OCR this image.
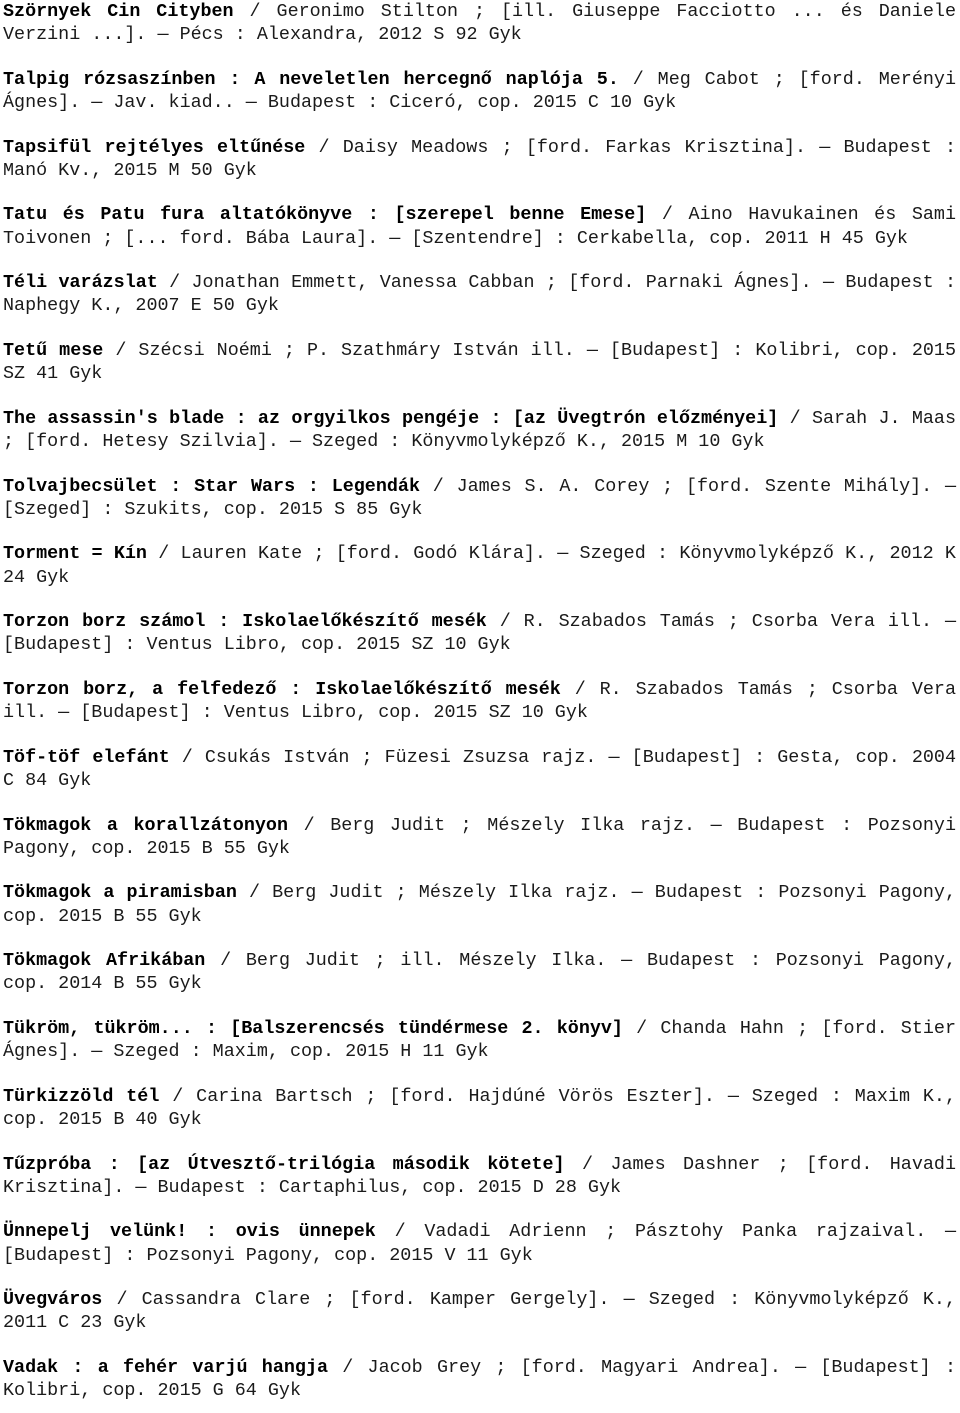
Szörnyek Cin Cityben / Geronimo Stilton ; [ill. Giuseppe Facciotto ... és Daniele Verzini ...]. — Pécs : Alexandra, 2012 S 92 Gyk
Talpig rózsaszínben : A neveletlen hercegnő naplója 5. / Meg Cabot ; [ford. Merényi Ágnes]. — Jav. kiad.. — Budapest : Ciceró, cop. 2015 C 10 Gyk
Tapsifül rejtélyes eltűnése / Daisy Meadows ; [ford. Farkas Krisztina]. — Budapest : Manó Kv., 2015 M 50 Gyk
Tatu és Patu fura altatókönyve : [szerepel benne Emese] / Aino Havukainen és Sami Toivonen ; [... ford. Bába Laura]. — [Szentendre] : Cerkabella, cop. 2011 H 45 Gyk
Téli varázslat / Jonathan Emmett, Vanessa Cabban ; [ford. Parnaki Ágnes]. — Budapest : Naphegy K., 2007 E 50 Gyk
Tetű mese / Szécsi Noémi ; P. Szathmáry István ill. — [Budapest] : Kolibri, cop. 2015 SZ 41 Gyk
The assassin's blade : az orgyilkos pengéje : [az Üvegtrón előzményei] / Sarah J. Maas ; [ford. Hetesy Szilvia]. — Szeged : Könyvmolyképző K., 2015 M 10 Gyk
Tolvajbecsület : Star Wars : Legendák / James S. A. Corey ; [ford. Szente Mihály]. — [Szeged] : Szukits, cop. 2015 S 85 Gyk
Torment = Kín / Lauren Kate ; [ford. Godó Klára]. — Szeged : Könyvmolyképző K., 2012 K 24 Gyk
Torzon borz számol : Iskolaelőkészítő mesék / R. Szabados Tamás ; Csorba Vera ill. — [Budapest] : Ventus Libro, cop. 2015 SZ 10 Gyk
Torzon borz, a felfedező : Iskolaelőkészítő mesék / R. Szabados Tamás ; Csorba Vera ill. — [Budapest] : Ventus Libro, cop. 2015 SZ 10 Gyk
Töf-töf elefánt / Csukás István ; Füzesi Zsuzsa rajz. — [Budapest] : Gesta, cop. 2004 C 84 Gyk
Tökmagok a korallzátonyon / Berg Judit ; Mészely Ilka rajz. — Budapest : Pozsonyi Pagony, cop. 2015 B 55 Gyk
Tökmagok a piramisban / Berg Judit ; Mészely Ilka rajz. — Budapest : Pozsonyi Pagony, cop. 2015 B 55 Gyk
Tökmagok Afrikában / Berg Judit ; ill. Mészely Ilka. — Budapest : Pozsonyi Pagony, cop. 2014 B 55 Gyk
Tükröm, tükröm... : [Balszerencsés tündérmese 2. könyv] / Chanda Hahn ; [ford. Stier Ágnes]. — Szeged : Maxim, cop. 2015 H 11 Gyk
Türkizzöld tél / Carina Bartsch ; [ford. Hajdúné Vörös Eszter]. — Szeged : Maxim K., cop. 2015 B 40 Gyk
Tűzpróba : [az Útvesztő-trilógia második kötete] / James Dashner ; [ford. Havadi Krisztina]. — Budapest : Cartaphilus, cop. 2015 D 28 Gyk
Ünnepelj velünk! : ovis ünnepek / Vadadi Adrienn ; Pásztohy Panka rajzaival. — [Budapest] : Pozsonyi Pagony, cop. 2015 V 11 Gyk
Üvegváros / Cassandra Clare ; [ford. Kamper Gergely]. — Szeged : Könyvmolyképző K., 2011 C 23 Gyk
Vadak : a fehér varjú hangja / Jacob Grey ; [ford. Magyari Andrea]. — [Budapest] : Kolibri, cop. 2015 G 64 Gyk
